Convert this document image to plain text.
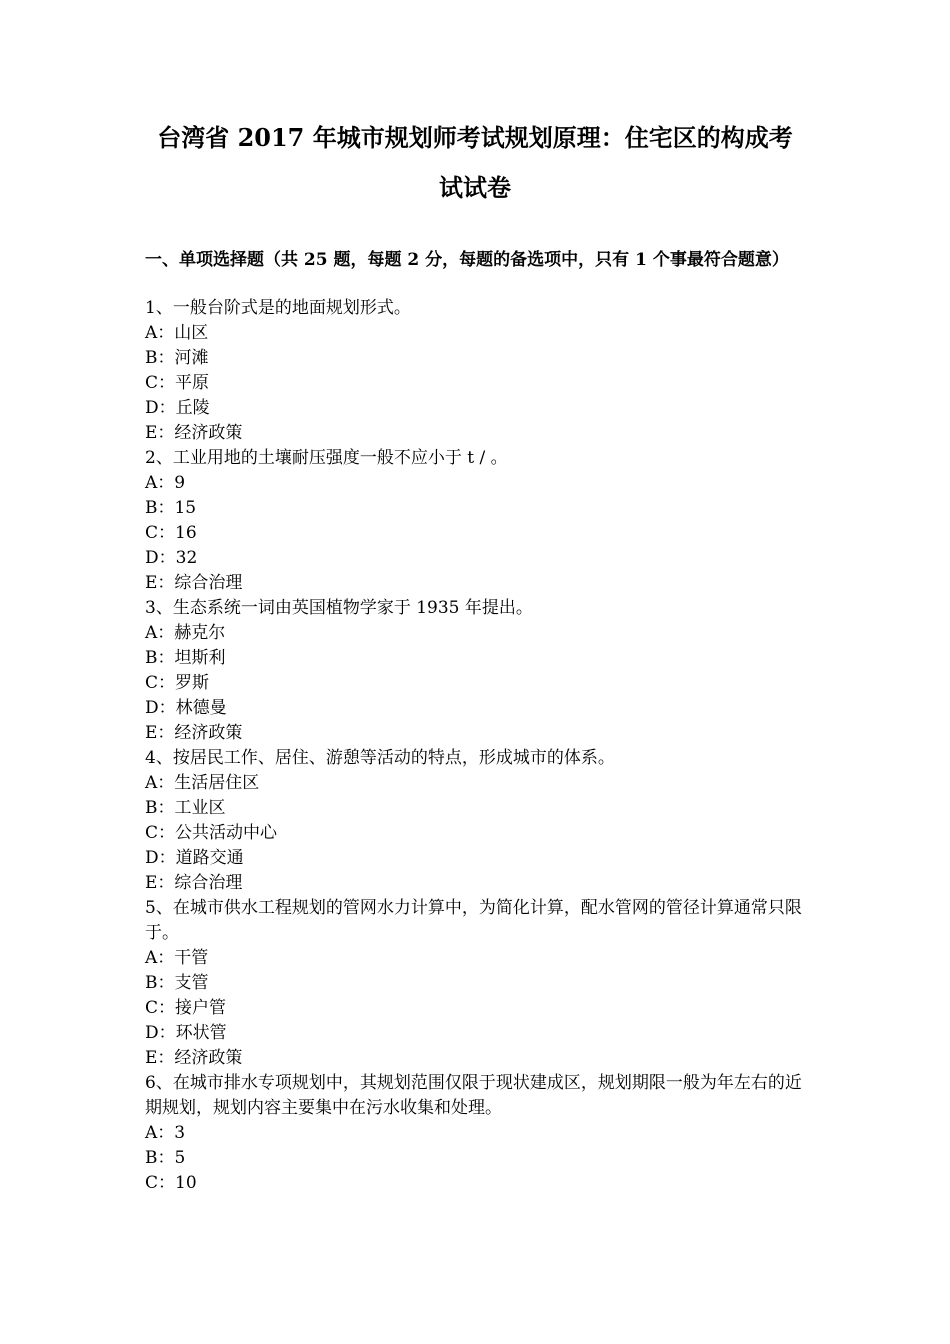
台湾省 2017 年城市规划师考试规划原理：住宅区的构成考
试试卷
一、单项选择题（共 25 题，每题 2 分，每题的备选项中，只有 1 个事最符合题意）
1、一般台阶式是的地面规划形式。
A：山区
B：河滩
C：平原
D：丘陵
E：经济政策
2、工业用地的土壤耐压强度一般不应小于 t / 。
A：9
B：15
C：16
D：32
E：综合治理
3、生态系统一词由英国植物学家于 1935 年提出。
A：赫克尔
B：坦斯利
C：罗斯
D：林德曼
E：经济政策
4、按居民工作、居住、游憩等活动的特点，形成城市的体系。
A：生活居住区
B：工业区
C：公共活动中心
D：道路交通
E：综合治理
5、在城市供水工程规划的管网水力计算中，为简化计算，配水管网的管径计算通常只限于。
A：干管
B：支管
C：接户管
D：环状管
E：经济政策
6、在城市排水专项规划中，其规划范围仅限于现状建成区，规划期限一般为年左右的近期规划，规划内容主要集中在污水收集和处理。
A：3
B：5
C：10
